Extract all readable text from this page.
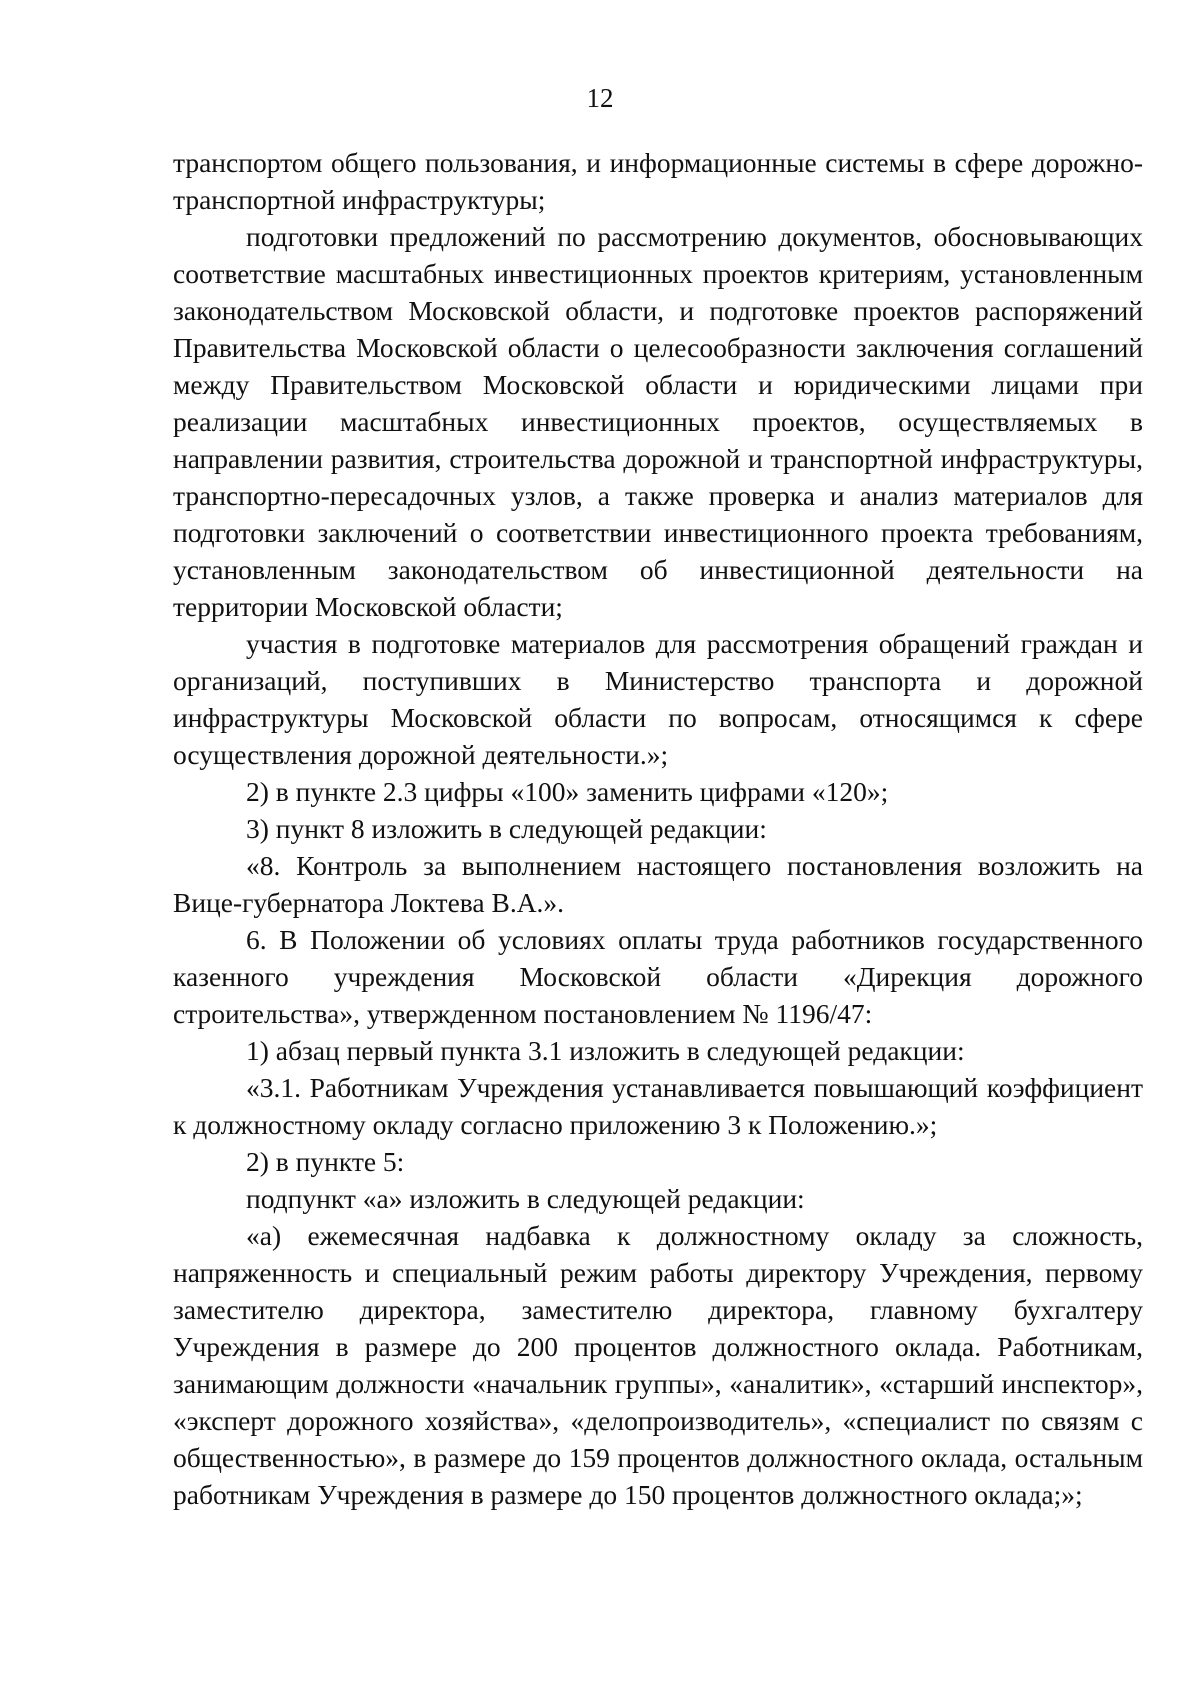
12

транспортом общего пользования, и информационные системы в сфере дорожно-транспортной инфраструктуры;

подготовки предложений по рассмотрению документов, обосновывающих соответствие масштабных инвестиционных проектов критериям, установленным законодательством Московской области, и подготовке проектов распоряжений Правительства Московской области о целесообразности заключения соглашений между Правительством Московской области и юридическими лицами при реализации масштабных инвестиционных проектов, осуществляемых в направлении развития, строительства дорожной и транспортной инфраструктуры, транспортно-пересадочных узлов, а также проверка и анализ материалов для подготовки заключений о соответствии инвестиционного проекта требованиям, установленным законодательством об инвестиционной деятельности на территории Московской области;

участия в подготовке материалов для рассмотрения обращений граждан и организаций, поступивших в Министерство транспорта и дорожной инфраструктуры Московской области по вопросам, относящимся к сфере осуществления дорожной деятельности.»;

2) в пункте 2.3 цифры «100» заменить цифрами «120»;

3) пункт 8 изложить в следующей редакции:

«8. Контроль за выполнением настоящего постановления возложить на Вице-губернатора Локтева В.А.».

6. В Положении об условиях оплаты труда работников государственного казенного учреждения Московской области «Дирекция дорожного строительства», утвержденном постановлением № 1196/47:

1) абзац первый пункта 3.1 изложить в следующей редакции:

«3.1. Работникам Учреждения устанавливается повышающий коэффициент к должностному окладу согласно приложению 3 к Положению.»;

2) в пункте 5:

подпункт «а» изложить в следующей редакции:

«а) ежемесячная надбавка к должностному окладу за сложность, напряженность и специальный режим работы директору Учреждения, первому заместителю директора, заместителю директора, главному бухгалтеру Учреждения в размере до 200 процентов должностного оклада. Работникам, занимающим должности «начальник группы», «аналитик», «старший инспектор», «эксперт дорожного хозяйства», «делопроизводитель», «специалист по связям с общественностью», в размере до 159 процентов должностного оклада, остальным работникам Учреждения в размере до 150 процентов должностного оклада;»;
